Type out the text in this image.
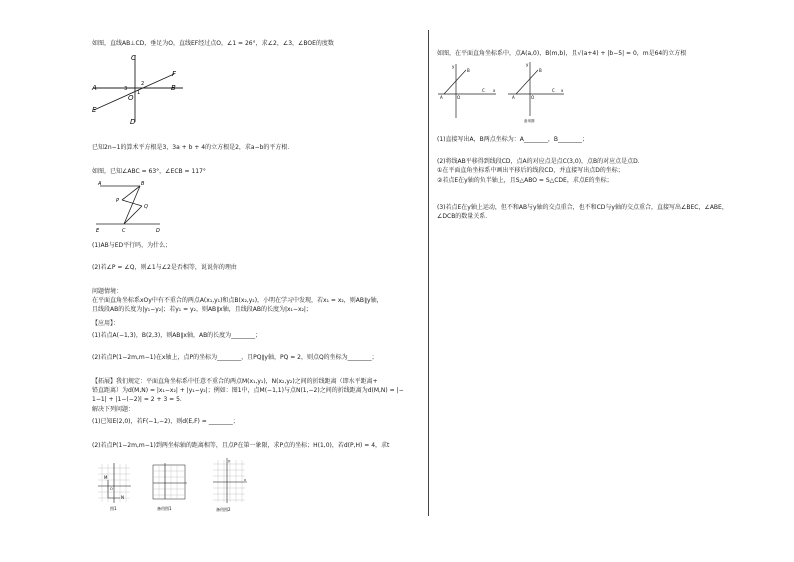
如图，直线AB⊥CD，垂足为O，直线EF经过点O，∠1 = 26°，求∠2，∠3，∠BOE的度数
C
F
A	B
E
O
D
1
2
3
已知2n−1的算术平方根是3，3a + b + 4的立方根是2，求a−b的平方根．
如图，已知∠ABC = 63°，∠ECB = 117°
A	B
P
Q
E	C	D
(1)AB与ED平行吗，为什么；
(2)若∠P = ∠Q，则∠1与∠2是否相等，说说你的理由
问题情境：
在平面直角坐标系xOy中有不重合的两点A(x₁,y₁)和点B(x₂,y₂)，小明在学习中发现，若x₁ = x₂，则AB∥y轴，
且线段AB的长度为|y₁−y₂|；若y₁ = y₂，则AB∥x轴，且线段AB的长度为|x₁−x₂|；
【应用】：
(1)若点A(−1,3)，B(2,3)，则AB∥x轴，AB的长度为________；
(2)若点P(1−2m,m−1)在x轴上，点P的坐标为________，且PQ∥y轴，PQ = 2，则点Q的坐标为________；
【拓展】我们规定：平面直角坐标系中任意不重合的两点M(x₁,y₁)，N(x₂,y₂)之间的折线距离（即水平距离+
铅直距离）为d(M,N) = |x₁−x₂| + |y₁−y₂|；例如：图1中，点M(−1,1)与点N(1,−2)之间的折线距离为d(M,N) = |−
1−1| + |1−(−2)| = 2 + 3 = 5．
解决下列问题：
(1)已知E(2,0)，若F(−1,−2)，则d(E,F) = ________；
(2)若点P(1−2m,m−1)到两坐标轴的距离相等，且点P在第一象限，求P点的坐标；H(1,0)，若d(P,H) = 4，求t
N
M
O
图1	备用图1
y
x
备用图2
如图，在平面直角坐标系中，点A(a,0)，B(m,b)，且√(a+4) + |b−5| = 0，m是64的立方根
y
x
A	O
C
B
y
x
A	O
C
B
备用图
(1)直接写出A，B两点坐标为：A________，B________；
(2)将线AB平移得到线段CD，点A的对应点是点C(3,0)，点B的对应点是点D．
①在平面直角坐标系中画出平移后的线段CD，并直接写出点D的坐标；
②若点E在y轴的负半轴上，且S△ABO = S△CDE，求点E的坐标；
(3)若点E在y轴上运动，但不和AB与y轴的交点重合，也不和CD与y轴的交点重合，直接写出∠BEC，∠ABE，
∠DCB的数量关系．
